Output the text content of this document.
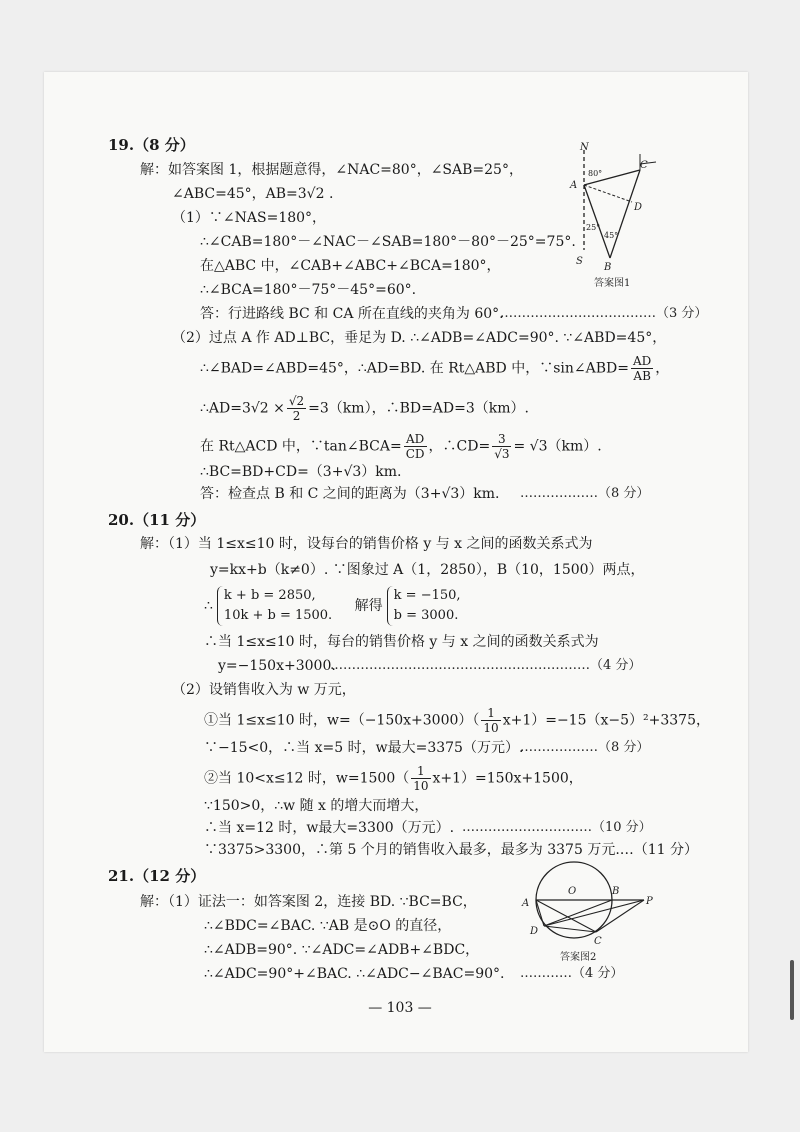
19.（8 分）
解：如答案图 1，根据题意得，∠NAC=80°，∠SAB=25°，
∠ABC=45°，AB=3√2 .
（1）∵∠NAS=180°，
∴∠CAB=180°－∠NAC－∠SAB=180°－80°－25°=75°.
在△ABC 中，∠CAB+∠ABC+∠BCA=180°，
∴∠BCA=180°－75°－45°=60°.
答：行进路线 BC 和 CA 所在直线的夹角为 60°.
………………………………（3 分）
（2）过点 A 作 AD⊥BC，垂足为 D. ∴∠ADB=∠ADC=90°. ∵∠ABD=45°，
∴∠BAD=∠ABD=45°，∴AD=BD. 在 Rt△ABD 中，∵sin∠ABD= $\frac{AD}{AB}$ ，
∴AD=3√2 × $\frac{√2}{2} =3(km)$，∴BD=AD=3（km）.
在 Rt△ACD 中，∵tan∠BCA= $\frac{AD}{CD}$ ，∴CD= $\frac{3}{√3} = √3(km)$.
∴BC=BD+CD=（3+√3）km.
答：检查点 B 和 C 之间的距离为（3+√3）km. ………………（8 分）
N
A
S
B
C
D
80°
25°
45°
答案图1
20.（11 分）
解：（1）当 1≤x≤10 时，设每台的销售价格 y 与 x 之间的函数关系式为
y=kx+b（k≠0）. ∵图象过 A（1，2850），B（10，1500）两点，
∴
k + b = 2850,
10k + b = 1500.
解得
k = −150,
b = 3000.
∴当 1≤x≤10 时，每台的销售价格 y 与 x 之间的函数关系式为
y=−150x+3000.
……………………………………………………（4 分）
（2）设销售收入为 w 万元，
①当 1≤x≤10 时，$w=(-150x+3000)( \frac{1}{10} x+1)=-15(x-5)^2+3375$，
∵−15<0，∴当 x=5 时，w最大=3375（万元）.
………………（8 分）
②当 10<x≤12 时，$w=1500( \frac{1}{10} x+1)=150x+1500$，
∵150>0，∴w 随 x 的增大而增大，
∴当 x=12 时，w最大=3300（万元）. …………………………（10 分）
∵3375>3300，∴第 5 个月的销售收入最多，最多为 3375 万元.…（11 分）
21.（12 分）
解：（1）证法一：如答案图 2，连接 BD. ∵BC=BC，
∴∠BDC=∠BAC. ∵AB 是⊙O 的直径，
∴∠ADB=90°. ∵∠ADC=∠ADB+∠BDC，
∴∠ADC=90°+∠BAC. ∴∠ADC−∠BAC=90°. …………（4 分）
A
O	B
P
D
C
答案图2
— 103 —
